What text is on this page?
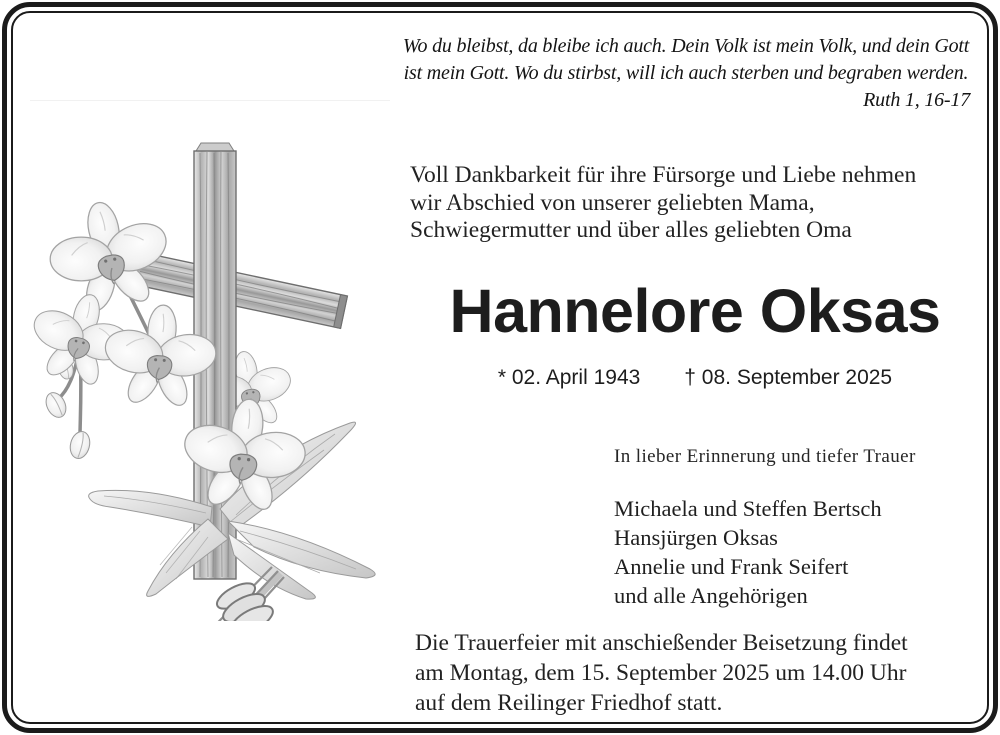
Wo du bleibst, da bleibe ich auch. Dein Volk ist mein Volk, und dein Gott
ist mein Gott. Wo du stirbst, will ich auch sterben und begraben werden.
Ruth 1, 16-17
Voll Dankbarkeit für ihre Fürsorge und Liebe nehmen
wir Abschied von unserer geliebten Mama,
Schwiegermutter und über alles geliebten Oma
Hannelore Oksas
* 02. April 1943 † 08. September 2025

In lieber Erinnerung und tiefer Trauer

Michaela und Steffen Bertsch
Hansjürgen Oksas
Annelie und Frank Seifert
und alle Angehörigen
Die Trauerfeier mit anschießender Beisetzung findet
am Montag, dem 15. September 2025 um 14.00 Uhr
auf dem Reilinger Friedhof statt.
